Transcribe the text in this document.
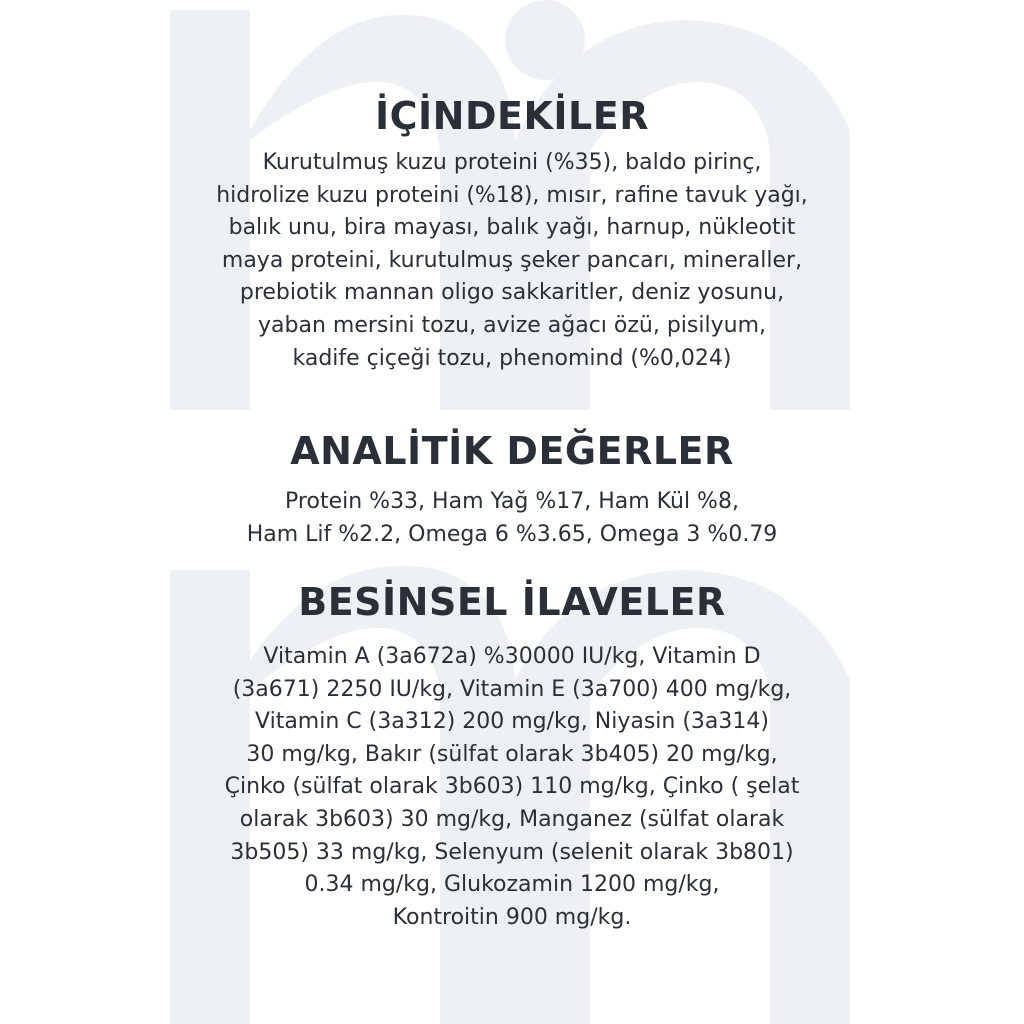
İÇİNDEKİLER

Kurutulmuş kuzu proteini (%35), baldo pirinç,
hidrolize kuzu proteini (%18), mısır, rafine tavuk yağı,
balık unu, bira mayası, balık yağı, harnup, nükleotit
maya proteini, kurutulmuş şeker pancarı, mineraller,
prebiotik mannan oligo sakkaritler, deniz yosunu,
yaban mersini tozu, avize ağacı özü, pisilyum,
kadife çiçeği tozu, phenomind (%0,024)

ANALİTİK DEĞERLER

Protein %33, Ham Yağ %17, Ham Kül %8,
Ham Lif %2.2, Omega 6 %3.65, Omega 3 %0.79

BESİNSEL İLAVELER

Vitamin A (3a672a) %30000 IU/kg, Vitamin D
(3a671) 2250 IU/kg, Vitamin E (3a700) 400 mg/kg,
Vitamin C (3a312) 200 mg/kg, Niyasin (3a314)
30 mg/kg, Bakır (sülfat olarak 3b405) 20 mg/kg,
Çinko (sülfat olarak 3b603) 110 mg/kg, Çinko ( şelat
olarak 3b603) 30 mg/kg, Manganez (sülfat olarak
3b505) 33 mg/kg, Selenyum (selenit olarak 3b801)
0.34 mg/kg, Glukozamin 1200 mg/kg,
Kontroitin 900 mg/kg.
